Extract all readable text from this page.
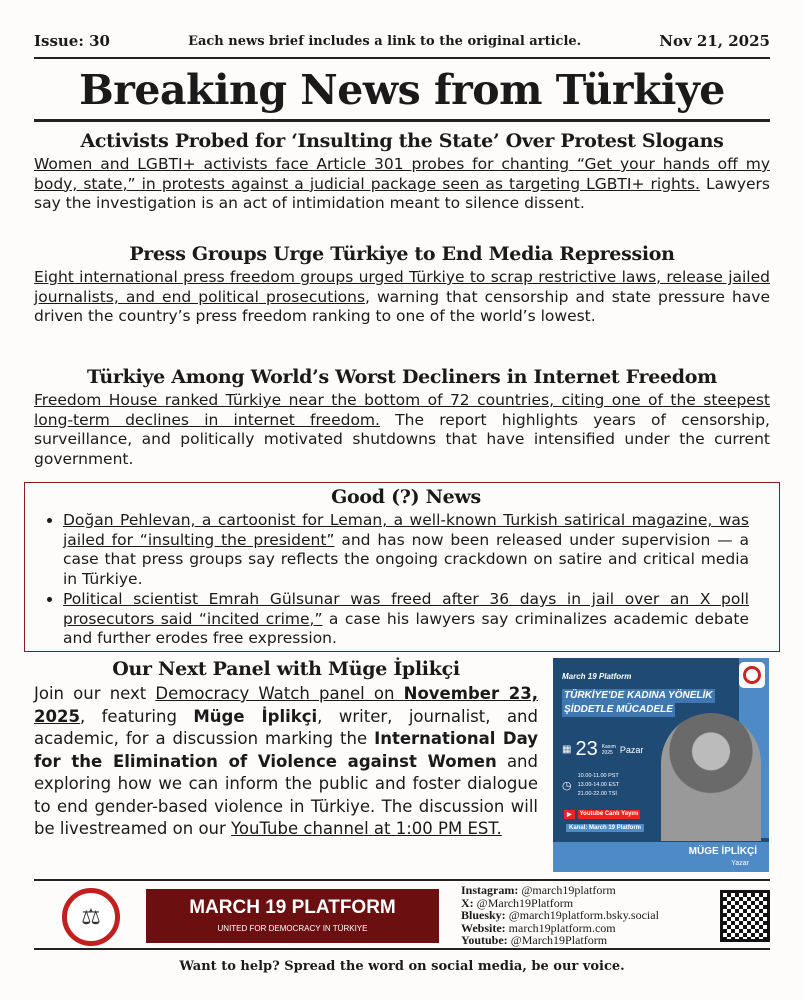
Issue: 30	Each news brief includes a link to the original article.	Nov 21, 2025
Breaking News from Türkiye
Activists Probed for ‘Insulting the State’ Over Protest Slogans

Women and LGBTI+ activists face Article 301 probes for chanting “Get your hands off my body, state,” in protests against a judicial package seen as targeting LGBTI+ rights. Lawyers say the investigation is an act of intimidation meant to silence dissent.

Press Groups Urge Türkiye to End Media Repression

Eight international press freedom groups urged Türkiye to scrap restrictive laws, release jailed journalists, and end political prosecutions, warning that censorship and state pressure have driven the country’s press freedom ranking to one of the world’s lowest.

Türkiye Among World’s Worst Decliners in Internet Freedom

Freedom House ranked Türkiye near the bottom of 72 countries, citing one of the steepest long-term declines in internet freedom. The report highlights years of censorship, surveillance, and politically motivated shutdowns that have intensified under the current government.

Good (?) News
• Doğan Pehlevan, a cartoonist for Leman, a well-known Turkish satirical magazine, was jailed for “insulting the president” and has now been released under supervision — a case that press groups say reflects the ongoing crackdown on satire and critical media in Türkiye.
• Political scientist Emrah Gülsunar was freed after 36 days in jail over an X poll prosecutors said “incited crime,” a case his lawyers say criminalizes academic debate and further erodes free expression.
Our Next Panel with Müge İplikçi

Join our next Democracy Watch panel on November 23, 2025, featuring Müge İplikçi, writer, journalist, and academic, for a discussion marking the International Day for the Elimination of Violence against Women and exploring how we can inform the public and foster dialogue to end gender-based violence in Türkiye. The discussion will be livestreamed on our YouTube channel at 1:00 PM EST.

March 19 Platform
TÜRKİYE'DE KADINA YÖNELİK
ŞİDDETLE MÜCADELE
▦ 23 Kasım
2025 Pazar
◷
10.00-11.00 PST
13.00-14.00 EST
21.00-22.00 TSİ
▶	Youtube Canlı Yayını
Kanal: March 19 Platform
MÜGE İPLİKÇİ
Yazar
⚖	MARCH 19 PLATFORM
UNITED FOR DEMOCRACY IN TÜRKIYE
Instagram: @march19platform
X: @March19Platform
Bluesky: @march19platform.bsky.social
Website: march19platform.com
Youtube: @March19Platform
Want to help? Spread the word on social media, be our voice.
